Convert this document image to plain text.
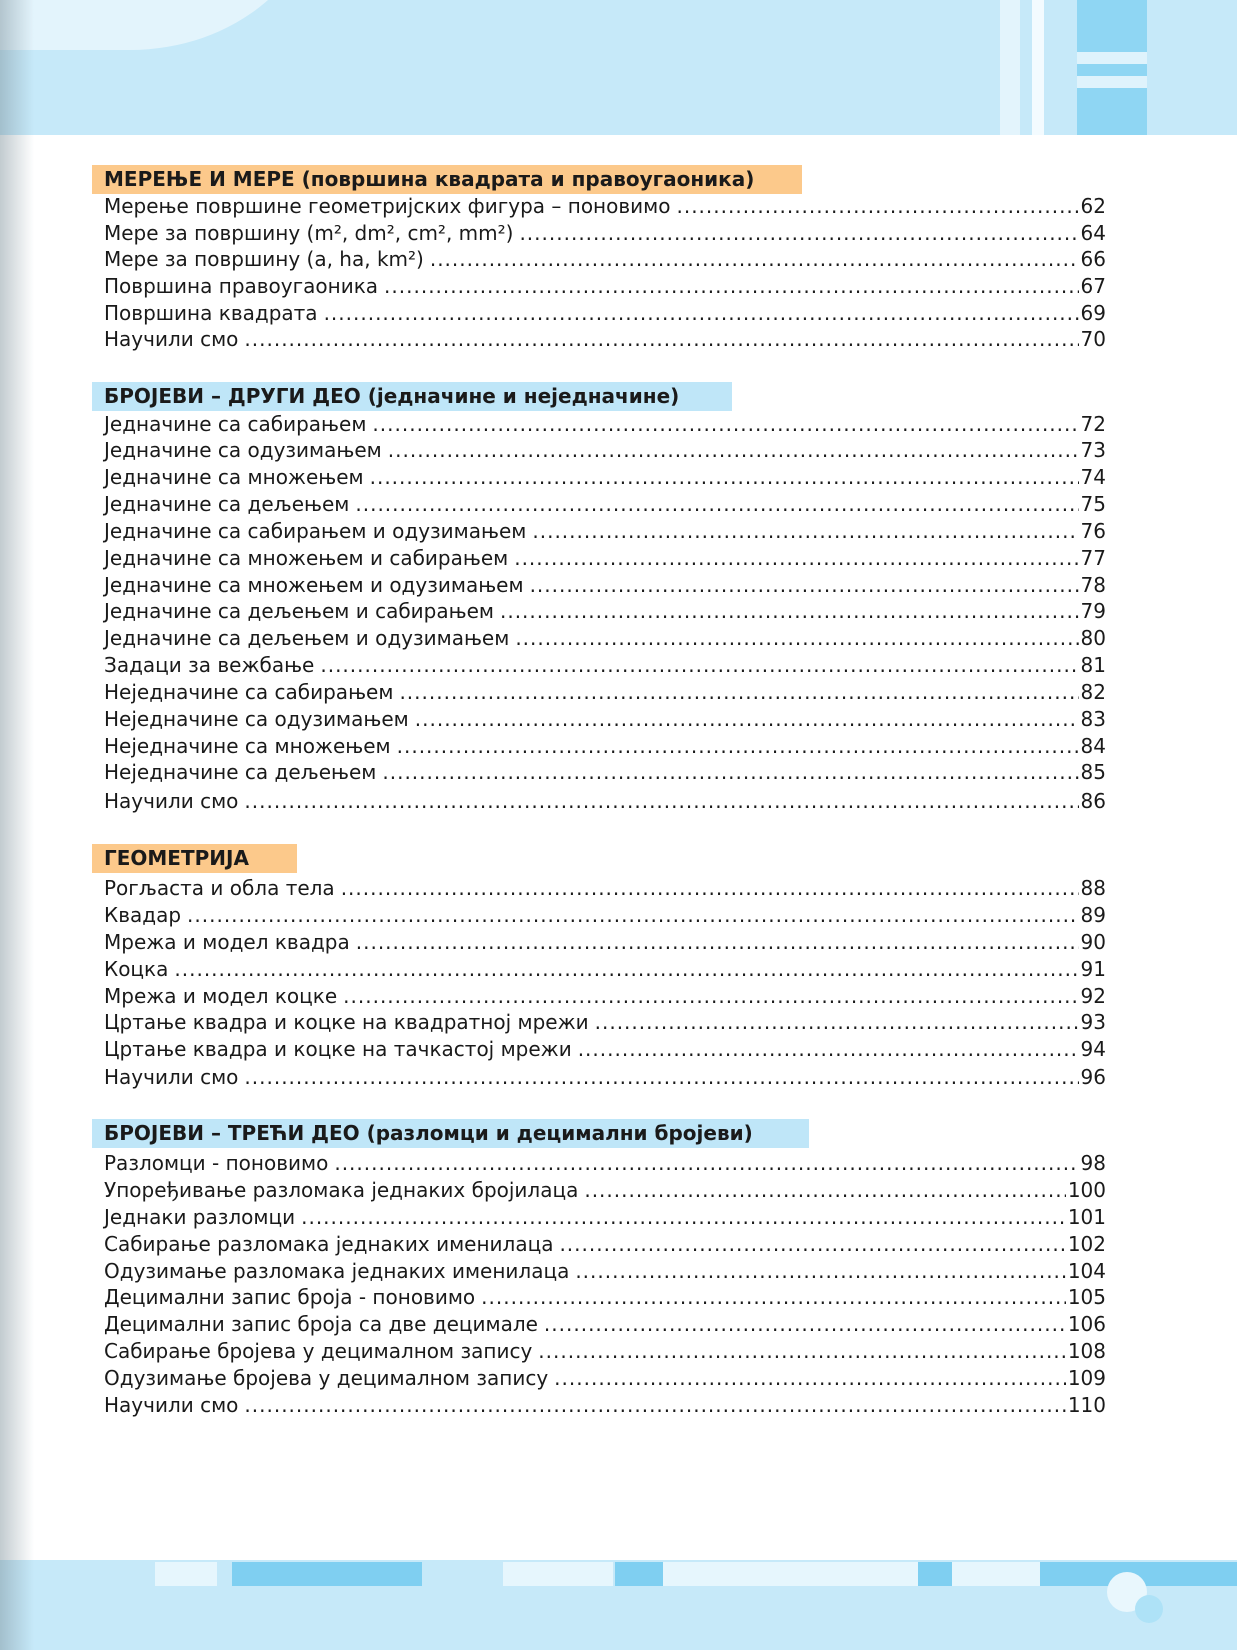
МЕРЕЊЕ И МЕРЕ (површина квадрата и правоугаоника)
Мерење површине геометријских фигура – поновимо .....	62
Мере за површину (m², dm², cm², mm²) .....	64
Мере за површину (a, ha, km²) .....	66
Површина правоугаоника .....	67
Површина квадрата .....	69
Научили смо .....	70
БРОЈЕВИ – ДРУГИ ДЕО (једначине и неједначине)
Једначине са сабирањем .....	72
Једначине са одузимањем .....	73
Једначине са множењем .....	74
Једначине са дељењем .....	75
Једначине са сабирањем и одузимањем .....	76
Једначине са множењем и сабирањем .....	77
Једначине са множењем и одузимањем .....	78
Једначине са дељењем и сабирањем .....	79
Једначине са дељењем и одузимањем .....	80
Задаци за вежбање .....	81
Неједначине са сабирањем .....	82
Неједначине са одузимањем .....	83
Неједначине са множењем .....	84
Неједначине са дељењем .....	85
Научили смо .....	86
ГЕОМЕТРИЈА
Рогљаста и обла тела .....	88
Квадар .....	89
Мрежа и модел квадра .....	90
Коцка .....	91
Мрежа и модел коцке .....	92
Цртање квадра и коцке на квадратној мрежи .....	93
Цртање квадра и коцке на тачкастој мрежи .....	94
Научили смо .....	96
БРОЈЕВИ – ТРЕЋИ ДЕО (разломци и децимални бројеви)
Разломци - поновимо .....	98
Упоређивање разломака једнаких бројилаца .....	100
Једнаки разломци .....	101
Сабирање разломака једнаких именилаца .....	102
Одузимање разломака једнаких именилаца .....	104
Децимални запис броја - поновимо .....	105
Децимални запис броја са две децимале .....	106
Сабирање бројева у децималном запису .....	108
Одузимање бројева у децималном запису .....	109
Научили смо .....	110
